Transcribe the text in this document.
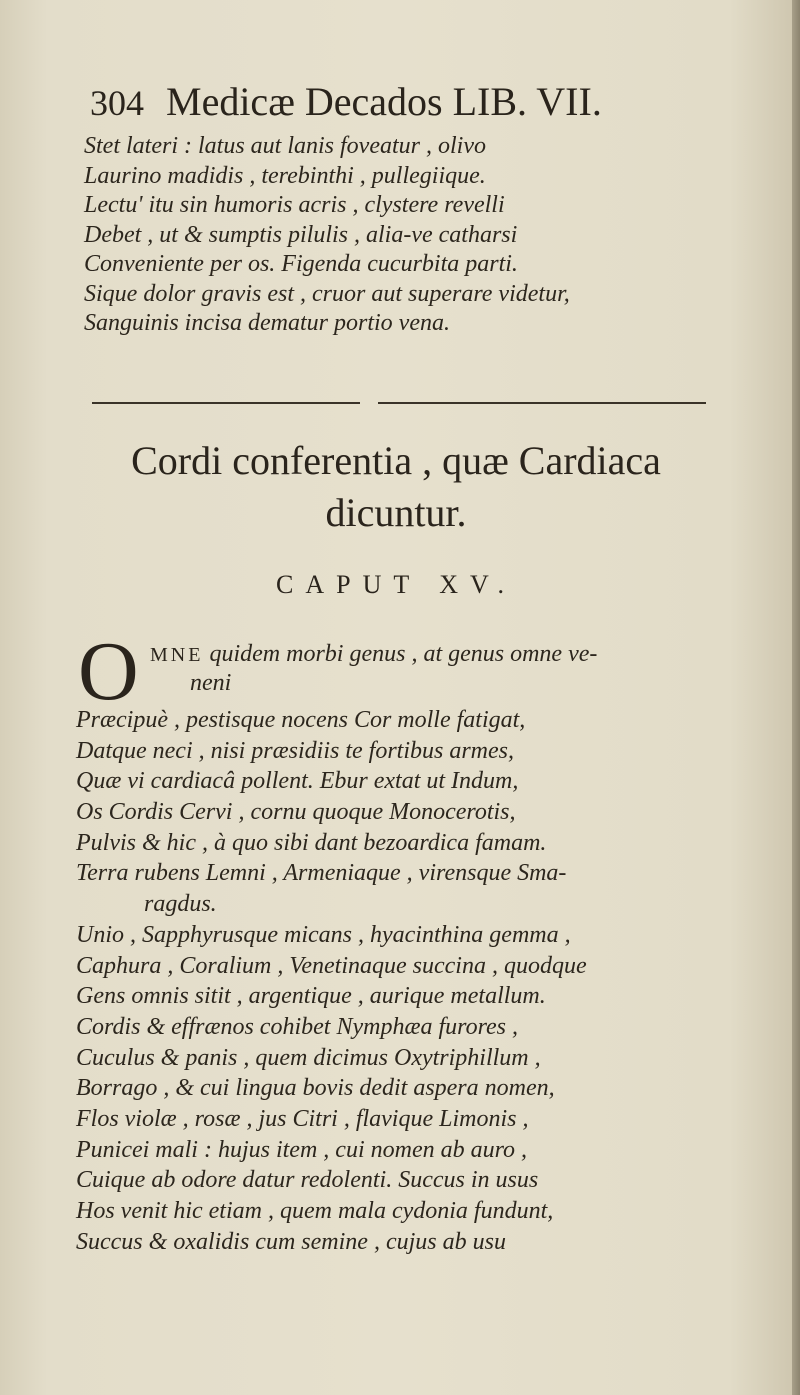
304 Medicæ Decados LIB. VII.
Stet lateri : latus aut lanis foveatur , olivo
Laurino madidis , terebinthi , pullegiique.
Lectu' itu sin humoris acris , clystere revelli
Debet , ut & sumptis pilulis , alia-ve catharsi
Conveniente per os. Figenda cucurbita parti.
Sique dolor gravis est , cruor aut superare videtur,
Sanguinis incisa dematur portio vena.
Cordi conferentia , quæ Cardiaca
dicuntur.
CAPUT XV.
O MNE quidem morbi genus , at genus omne ve-
neni
Præcipuè , pestisque nocens Cor molle fatigat,
Datque neci , nisi præsidiis te fortibus armes,
Quæ vi cardiacâ pollent. Ebur extat ut Indum,
Os Cordis Cervi , cornu quoque Monocerotis,
Pulvis & hic , à quo sibi dant bezoardica famam.
Terra rubens Lemni , Armeniaque , virensque Sma-
ragdus.
Unio , Sapphyrusque micans , hyacinthina gemma ,
Caphura , Coralium , Venetinaque succina , quodque
Gens omnis sitit , argentique , aurique metallum.
Cordis & effrænos cohibet Nymphæa furores ,
Cuculus & panis , quem dicimus Oxytriphillum ,
Borrago , & cui lingua bovis dedit aspera nomen,
Flos violæ , rosæ , jus Citri , flavique Limonis ,
Punicei mali : hujus item , cui nomen ab auro ,
Cuique ab odore datur redolenti. Succus in usus
Hos venit hic etiam , quem mala cydonia fundunt,
Succus & oxalidis cum semine , cujus ab usu
